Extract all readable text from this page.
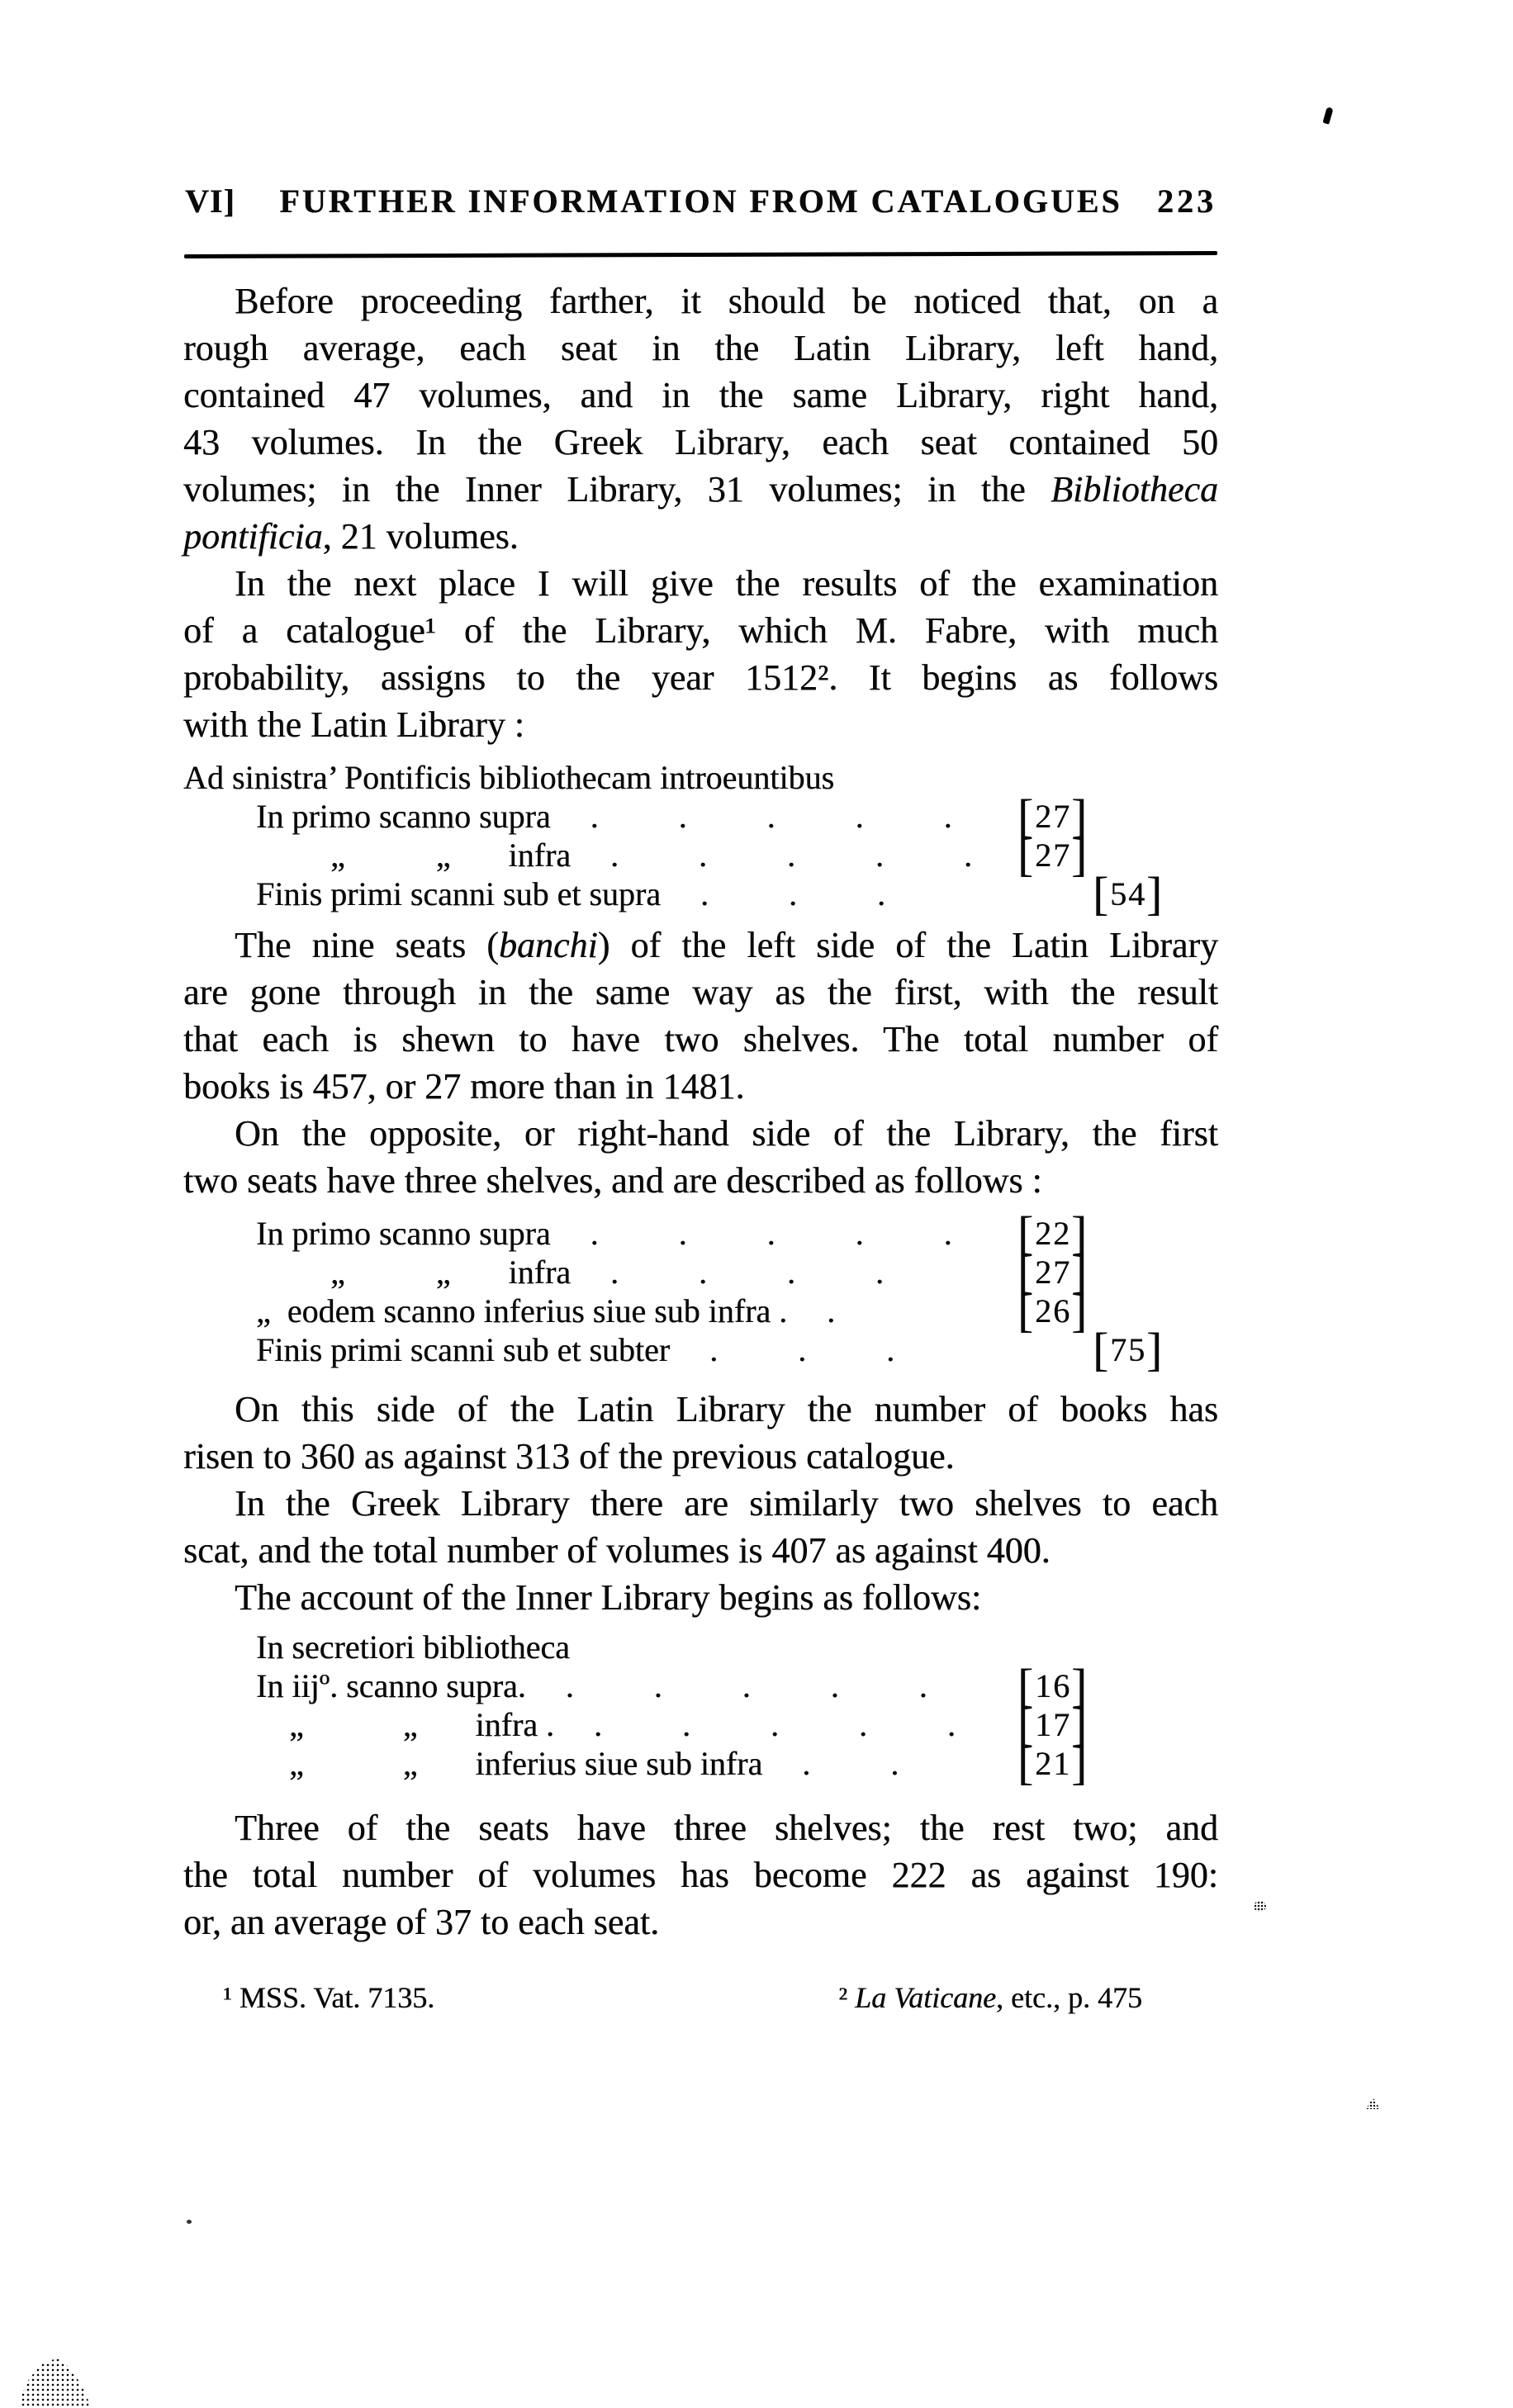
VI]	FURTHER INFORMATION FROM CATALOGUES	223

Before proceeding farther, it should be noticed that, on a
rough average, each seat in the Latin Library, left hand,
contained 47 volumes, and in the same Library, right hand,
43 volumes. In the Greek Library, each seat contained 50
volumes; in the Inner Library, 31 volumes; in the Bibliotheca
pontificia, 21 volumes.

In the next place I will give the results of the examination
of a catalogue¹ of the Library, which M. Fabre, with much
probability, assigns to the year 1512². It begins as follows
with the Latin Library :

Ad sinistra’ Pontificis bibliothecam introeuntibus
In primo scanno supra	. . . . .	[27]
„           „       infra	. . . . . [27]
Finis primi scanni sub et supra	. . .	[54]

The nine seats (banchi) of the left side of the Latin Library
are gone through in the same way as the first, with the result
that each is shewn to have two shelves. The total number of
books is 457, or 27 more than in 1481.

On the opposite, or right-hand side of the Library, the first
two seats have three shelves, and are described as follows :

In primo scanno supra	. . . . .	[22]
„           „       infra	. . . .	[27]
„  eodem scanno inferius siue sub infra .	.	[26]
Finis primi scanni sub et subter	. . .	[75]

On this side of the Latin Library the number of books has
risen to 360 as against 313 of the previous catalogue.

In the Greek Library there are similarly two shelves to each
scat, and the total number of volumes is 407 as against 400.

The account of the Inner Library begins as follows:

In secretiori bibliotheca
In iijº. scanno supra.	. . . . .	[16]
„            „       infra .	. . . . .	[17]
„            „       inferius siue sub infra	. .	[21]

Three of the seats have three shelves; the rest two; and
the total number of volumes has become 222 as against 190:
or, an average of 37 to each seat.

¹ MSS. Vat. 7135.	² La Vaticane, etc., p. 475
